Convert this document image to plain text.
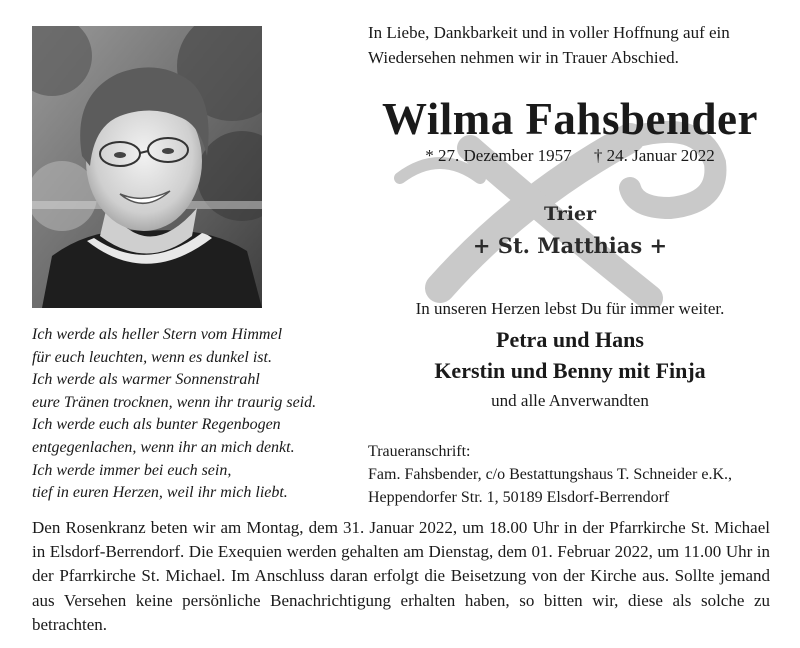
In Liebe, Dankbarkeit und in voller Hoffnung auf ein Wiedersehen nehmen wir in Trauer Abschied.
Wilma Fahsbender
* 27. Dezember 1957 † 24. Januar 2022
Trier
+ St. Matthias +
In unseren Herzen lebst Du für immer weiter.
Petra und Hans
Kerstin und Benny mit Finja
und alle Anverwandten
Traueranschrift:
Fam. Fahsbender, c/o Bestattungshaus T. Schneider e.K.,
Heppendorfer Str. 1, 50189 Elsdorf-Berrendorf
Ich werde als heller Stern vom Himmel
für euch leuchten, wenn es dunkel ist.
Ich werde als warmer Sonnenstrahl
eure Tränen trocknen, wenn ihr traurig seid.
Ich werde euch als bunter Regenbogen
entgegenlachen, wenn ihr an mich denkt.
Ich werde immer bei euch sein,
tief in euren Herzen, weil ihr mich liebt.
Den Rosenkranz beten wir am Montag, dem 31. Januar 2022, um 18.00 Uhr in der Pfarrkirche St. Michael in Elsdorf-Berrendorf. Die Exequien werden gehalten am Dienstag, dem 01. Februar 2022, um 11.00 Uhr in der Pfarrkirche St. Michael. Im Anschluss daran erfolgt die Beisetzung von der Kirche aus. Sollte jemand aus Versehen keine persönliche Benachrichtigung erhalten haben, so bitten wir, diese als solche zu betrachten.
